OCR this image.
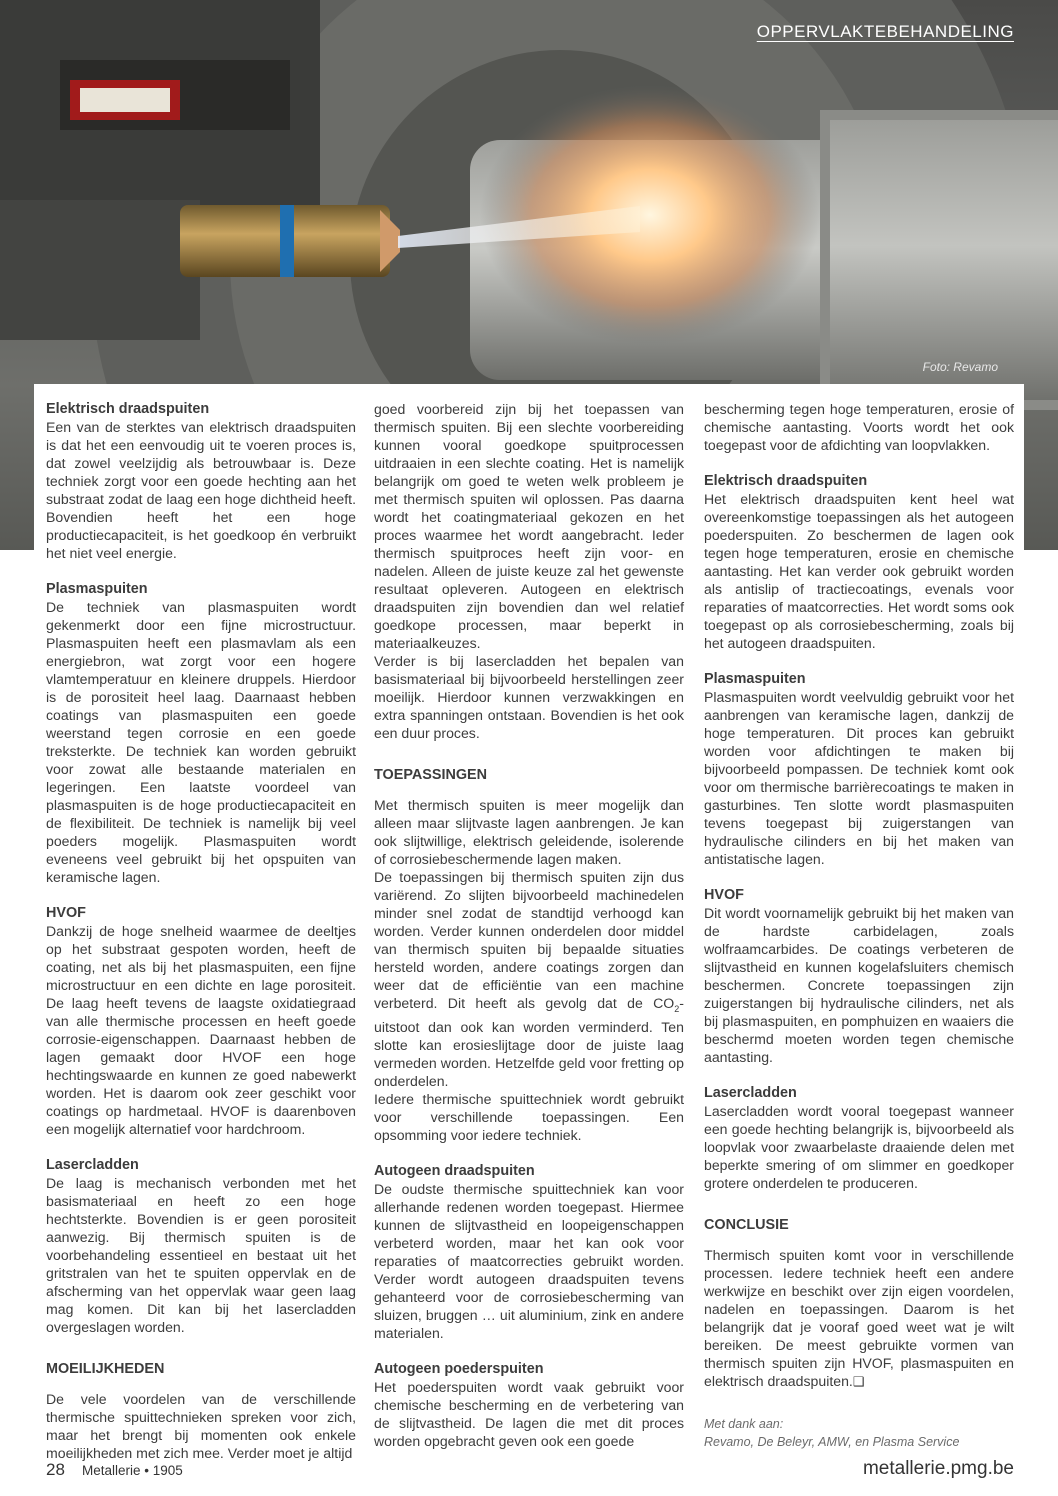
OPPERVLAKTEBEHANDELING
Foto: Revamo
Elektrisch draadspuiten

Een van de sterktes van elektrisch draadspuiten is dat het een eenvoudig uit te voeren proces is, dat zowel veelzijdig als betrouwbaar is. Deze techniek zorgt voor een goede hechting aan het substraat zodat de laag een hoge dichtheid heeft. Bovendien heeft het een hoge productiecapaciteit, is het goedkoop én verbruikt het niet veel energie.

Plasmaspuiten

De techniek van plasmaspuiten wordt gekenmerkt door een fijne microstructuur. Plasmaspuiten heeft een plasmavlam als een energiebron, wat zorgt voor een hogere vlamtemperatuur en kleinere druppels. Hierdoor is de porositeit heel laag. Daarnaast hebben coatings van plasmaspuiten een goede weerstand tegen corrosie en een goede treksterkte. De techniek kan worden gebruikt voor zowat alle bestaande materialen en legeringen. Een laatste voordeel van plasmaspuiten is de hoge productiecapaciteit en de flexibiliteit. De techniek is namelijk bij veel poeders mogelijk. Plasmaspuiten wordt eveneens veel gebruikt bij het opspuiten van keramische lagen.

HVOF

Dankzij de hoge snelheid waarmee de deeltjes op het substraat gespoten worden, heeft de coating, net als bij het plasmaspuiten, een fijne microstructuur en een dichte en lage porositeit. De laag heeft tevens de laagste oxidatiegraad van alle thermische processen en heeft goede corrosie-eigenschappen. Daarnaast hebben de lagen gemaakt door HVOF een hoge hechtingswaarde en kunnen ze goed nabewerkt worden. Het is daarom ook zeer geschikt voor coatings op hardmetaal. HVOF is daarenboven een mogelijk alternatief voor hardchroom.

Lasercladden

De laag is mechanisch verbonden met het basismateriaal en heeft zo een hoge hechtsterkte. Bovendien is er geen porositeit aanwezig. Bij thermisch spuiten is de voorbehandeling essentieel en bestaat uit het gritstralen van het te spuiten oppervlak en de afscherming van het oppervlak waar geen laag mag komen. Dit kan bij het lasercladden overgeslagen worden.

MOEILIJKHEDEN

De vele voordelen van de verschillende thermische spuittechnieken spreken voor zich, maar het brengt bij momenten ook enkele moeilijkheden met zich mee. Verder moet je altijd

goed voorbereid zijn bij het toepassen van thermisch spuiten. Bij een slechte voorbereiding kunnen vooral goedkope spuitprocessen uitdraaien in een slechte coating. Het is namelijk belangrijk om goed te weten welk probleem je met thermisch spuiten wil oplossen. Pas daarna wordt het coatingmateriaal gekozen en het proces waarmee het wordt aangebracht. Ieder thermisch spuitproces heeft zijn voor- en nadelen. Alleen de juiste keuze zal het gewenste resultaat opleveren. Autogeen en elektrisch draadspuiten zijn bovendien dan wel relatief goedkope processen, maar beperkt in materiaalkeuzes.

Verder is bij lasercladden het bepalen van basismateriaal bij bijvoorbeeld herstellingen zeer moeilijk. Hierdoor kunnen verzwakkingen en extra spanningen ontstaan. Bovendien is het ook een duur proces.

TOEPASSINGEN

Met thermisch spuiten is meer mogelijk dan alleen maar slijtvaste lagen aanbrengen. Je kan ook slijtwillige, elektrisch geleidende, isolerende of corrosiebeschermende lagen maken.

De toepassingen bij thermisch spuiten zijn dus variërend. Zo slijten bijvoorbeeld machinedelen minder snel zodat de standtijd verhoogd kan worden. Verder kunnen onderdelen door middel van thermisch spuiten bij bepaalde situaties hersteld worden, andere coatings zorgen dan weer dat de efficiëntie van een machine verbeterd. Dit heeft als gevolg dat de $CO_2$-uitstoot dan ook kan worden verminderd. Ten slotte kan erosieslijtage door de juiste laag vermeden worden. Hetzelfde geld voor fretting op onderdelen.

Iedere thermische spuittechniek wordt gebruikt voor verschillende toepassingen. Een opsomming voor iedere techniek.

Autogeen draadspuiten

De oudste thermische spuittechniek kan voor allerhande redenen worden toegepast. Hiermee kunnen de slijtvastheid en loopeigenschappen verbeterd worden, maar het kan ook voor reparaties of maatcorrecties gebruikt worden. Verder wordt autogeen draadspuiten tevens gehanteerd voor de corrosiebescherming van sluizen, bruggen … uit aluminium, zink en andere materialen.

Autogeen poederspuiten

Het poederspuiten wordt vaak gebruikt voor chemische bescherming en de verbetering van de slijtvastheid. De lagen die met dit proces worden opgebracht geven ook een goede

bescherming tegen hoge temperaturen, erosie of chemische aantasting. Voorts wordt het ook toegepast voor de afdichting van loopvlakken.

Elektrisch draadspuiten

Het elektrisch draadspuiten kent heel wat overeenkomstige toepassingen als het autogeen poederspuiten. Zo beschermen de lagen ook tegen hoge temperaturen, erosie en chemische aantasting. Het kan verder ook gebruikt worden als antislip of tractiecoatings, evenals voor reparaties of maatcorrecties. Het wordt soms ook toegepast op als corrosiebescherming, zoals bij het autogeen draadspuiten.

Plasmaspuiten

Plasmaspuiten wordt veelvuldig gebruikt voor het aanbrengen van keramische lagen, dankzij de hoge temperaturen. Dit proces kan gebruikt worden voor afdichtingen te maken bij bijvoorbeeld pompassen. De techniek komt ook voor om thermische barrièrecoatings te maken in gasturbines. Ten slotte wordt plasmaspuiten tevens toegepast bij zuigerstangen van hydraulische cilinders en bij het maken van antistatische lagen.

HVOF

Dit wordt voornamelijk gebruikt bij het maken van de hardste carbidelagen, zoals wolfraamcarbides. De coatings verbeteren de slijtvastheid en kunnen kogelafsluiters chemisch beschermen. Concrete toepassingen zijn zuigerstangen bij hydraulische cilinders, net als bij plasmaspuiten, en pomphuizen en waaiers die beschermd moeten worden tegen chemische aantasting.

Lasercladden

Lasercladden wordt vooral toegepast wanneer een goede hechting belangrijk is, bijvoorbeeld als loopvlak voor zwaarbelaste draaiende delen met beperkte smering of om slimmer en goedkoper grotere onderdelen te produceren.

CONCLUSIE

Thermisch spuiten komt voor in verschillende processen. Iedere techniek heeft een andere werkwijze en beschikt over zijn eigen voordelen, nadelen en toepassingen. Daarom is het belangrijk dat je vooraf goed weet wat je wilt bereiken. De meest gebruikte vormen van thermisch spuiten zijn HVOF, plasmaspuiten en elektrisch draadspuiten.❑

Met dank aan:
Revamo, De Beleyr, AMW, en Plasma Service
28 Metallerie • 1905	metallerie.pmg.be
